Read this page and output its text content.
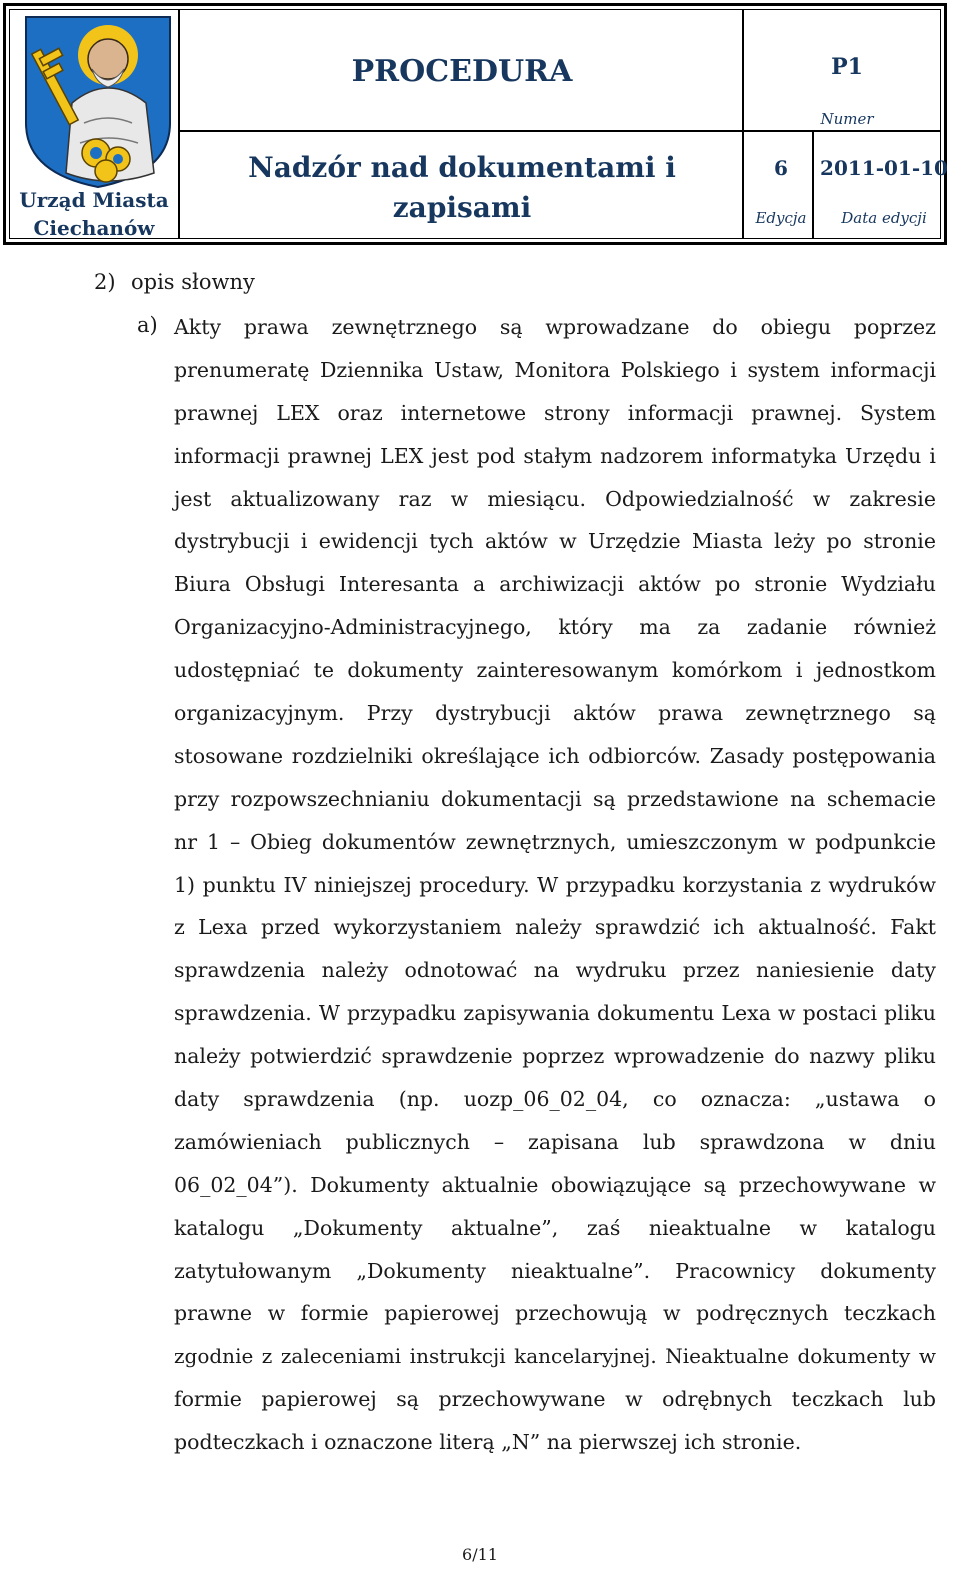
Urząd Miasta
Ciechanów
PROCEDURA
Nadzór nad dokumentami i zapisami
P1
Numer
6
Edycja
2011-01-10
Data edycji
2) opis słowny
a) Akty prawa zewnętrznego są wprowadzane do obiegu poprzez
prenumeratę Dziennika Ustaw, Monitora Polskiego i system informacji
prawnej LEX oraz internetowe strony informacji prawnej. System
informacji prawnej LEX jest pod stałym nadzorem informatyka Urzędu i
jest aktualizowany raz w miesiącu. Odpowiedzialność w zakresie
dystrybucji i ewidencji tych aktów w Urzędzie Miasta leży po stronie
Biura Obsługi Interesanta a archiwizacji aktów po stronie Wydziału
Organizacyjno-Administracyjnego, który ma za zadanie również
udostępniać te dokumenty zainteresowanym komórkom i jednostkom
organizacyjnym. Przy dystrybucji aktów prawa zewnętrznego są
stosowane rozdzielniki określające ich odbiorców. Zasady postępowania
przy rozpowszechnianiu dokumentacji są przedstawione na schemacie
nr 1 – Obieg dokumentów zewnętrznych, umieszczonym w podpunkcie
1) punktu IV niniejszej procedury. W przypadku korzystania z wydruków
z Lexa przed wykorzystaniem należy sprawdzić ich aktualność. Fakt
sprawdzenia należy odnotować na wydruku przez naniesienie daty
sprawdzenia. W przypadku zapisywania dokumentu Lexa w postaci pliku
należy potwierdzić sprawdzenie poprzez wprowadzenie do nazwy pliku
daty sprawdzenia (np. uozp_06_02_04, co oznacza: „ustawa o
zamówieniach publicznych – zapisana lub sprawdzona w dniu
06_02_04”). Dokumenty aktualnie obowiązujące są przechowywane w
katalogu „Dokumenty aktualne”, zaś nieaktualne w katalogu
zatytułowanym „Dokumenty nieaktualne”. Pracownicy dokumenty
prawne w formie papierowej przechowują w podręcznych teczkach
zgodnie z zaleceniami instrukcji kancelaryjnej. Nieaktualne dokumenty w
formie papierowej są przechowywane w odrębnych teczkach lub
podteczkach i oznaczone literą „N” na pierwszej ich stronie.
6/11
